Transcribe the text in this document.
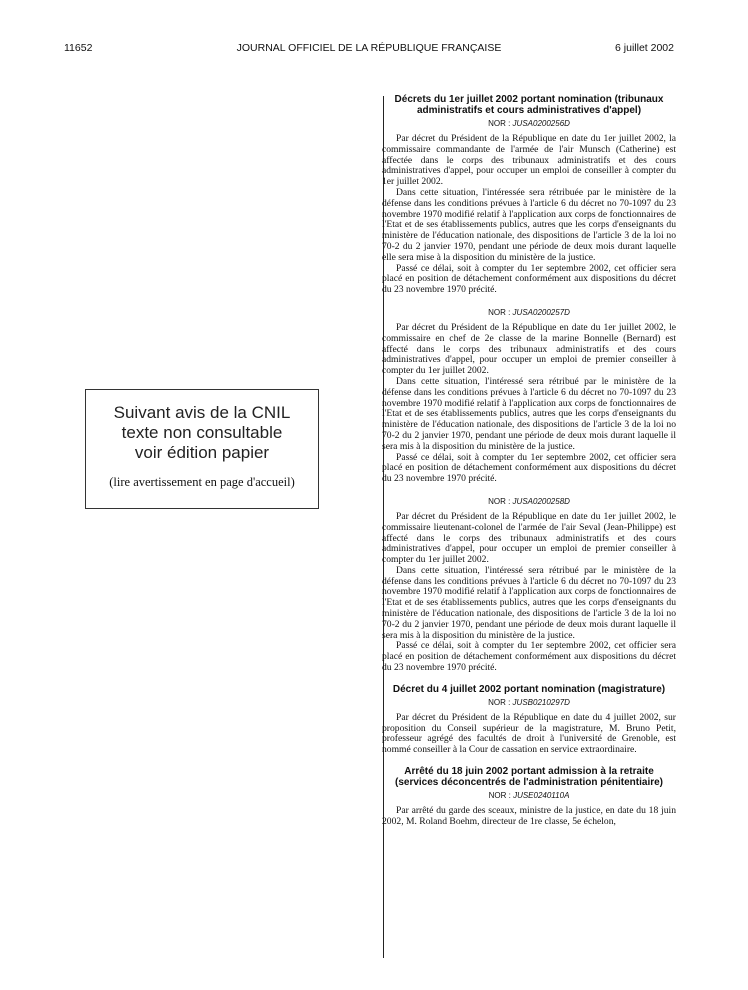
11652	JOURNAL OFFICIEL DE LA RÉPUBLIQUE FRANÇAISE	6 juillet 2002
Suivant avis de la CNIL
texte non consultable
voir édition papier
(lire avertissement en page d'accueil)
Décrets du 1er juillet 2002 portant nomination (tribunaux administratifs et cours administratives d'appel)
NOR : JUSA0200256D

Par décret du Président de la République en date du 1er juillet 2002, la commissaire commandante de l'armée de l'air Munsch (Catherine) est affectée dans le corps des tribunaux administratifs et des cours administratives d'appel, pour occuper un emploi de conseiller à compter du 1er juillet 2002.

Dans cette situation, l'intéressée sera rétribuée par le ministère de la défense dans les conditions prévues à l'article 6 du décret no 70-1097 du 23 novembre 1970 modifié relatif à l'application aux corps de fonctionnaires de l'Etat et de ses établissements publics, autres que les corps d'enseignants du ministère de l'éducation nationale, des dispositions de l'article 3 de la loi no 70-2 du 2 janvier 1970, pendant une période de deux mois durant laquelle elle sera mise à la disposition du ministère de la justice.

Passé ce délai, soit à compter du 1er septembre 2002, cet officier sera placé en position de détachement conformément aux dispositions du décret du 23 novembre 1970 précité.

NOR : JUSA0200257D

Par décret du Président de la République en date du 1er juillet 2002, le commissaire en chef de 2e classe de la marine Bonnelle (Bernard) est affecté dans le corps des tribunaux administratifs et des cours administratives d'appel, pour occuper un emploi de premier conseiller à compter du 1er juillet 2002.

Dans cette situation, l'intéressé sera rétribué par le ministère de la défense dans les conditions prévues à l'article 6 du décret no 70-1097 du 23 novembre 1970 modifié relatif à l'application aux corps de fonctionnaires de l'Etat et de ses établissements publics, autres que les corps d'enseignants du ministère de l'éducation nationale, des dispositions de l'article 3 de la loi no 70-2 du 2 janvier 1970, pendant une période de deux mois durant laquelle il sera mis à la disposition du ministère de la justice.

Passé ce délai, soit à compter du 1er septembre 2002, cet officier sera placé en position de détachement conformément aux dispositions du décret du 23 novembre 1970 précité.

NOR : JUSA0200258D

Par décret du Président de la République en date du 1er juillet 2002, le commissaire lieutenant-colonel de l'armée de l'air Seval (Jean-Philippe) est affecté dans le corps des tribunaux administratifs et des cours administratives d'appel, pour occuper un emploi de premier conseiller à compter du 1er juillet 2002.

Dans cette situation, l'intéressé sera rétribué par le ministère de la défense dans les conditions prévues à l'article 6 du décret no 70-1097 du 23 novembre 1970 modifié relatif à l'application aux corps de fonctionnaires de l'Etat et de ses établissements publics, autres que les corps d'enseignants du ministère de l'éducation nationale, des dispositions de l'article 3 de la loi no 70-2 du 2 janvier 1970, pendant une période de deux mois durant laquelle il sera mis à la disposition du ministère de la justice.

Passé ce délai, soit à compter du 1er septembre 2002, cet officier sera placé en position de détachement conformément aux dispositions du décret du 23 novembre 1970 précité.

Décret du 4 juillet 2002 portant nomination (magistrature)
NOR : JUSB0210297D

Par décret du Président de la République en date du 4 juillet 2002, sur proposition du Conseil supérieur de la magistrature, M. Bruno Petit, professeur agrégé des facultés de droit à l'université de Grenoble, est nommé conseiller à la Cour de cassation en service extraordinaire.

Arrêté du 18 juin 2002 portant admission à la retraite (services déconcentrés de l'administration pénitentiaire)
NOR : JUSE0240110A

Par arrêté du garde des sceaux, ministre de la justice, en date du 18 juin 2002, M. Roland Boehm, directeur de 1re classe, 5e échelon,
